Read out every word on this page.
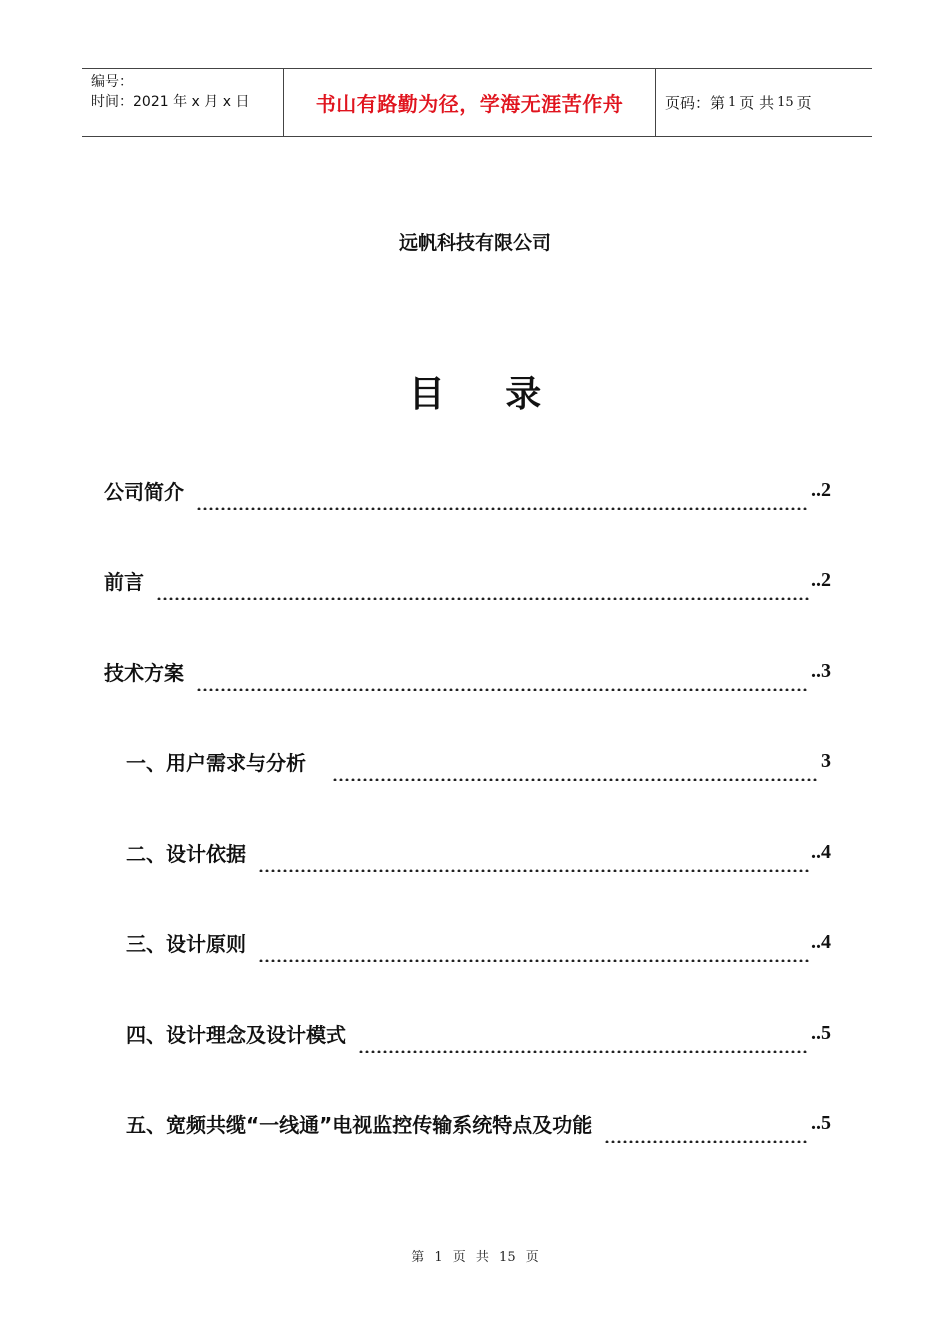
编号：
时间：2021 年 x 月 x 日	书山有路勤为径，学海无涯苦作舟	页码：第 1 页 共 15 页
远帆科技有限公司
目 录
公司简介	..2
前言	..2
技术方案	..3
一、用户需求与分析	3
二、设计依据	..4
三、设计原则	..4
四、设计理念及设计模式	..5
五、宽频共缆“一线通”电视监控传输系统特点及功能	..5
第 1 页 共 15 页
